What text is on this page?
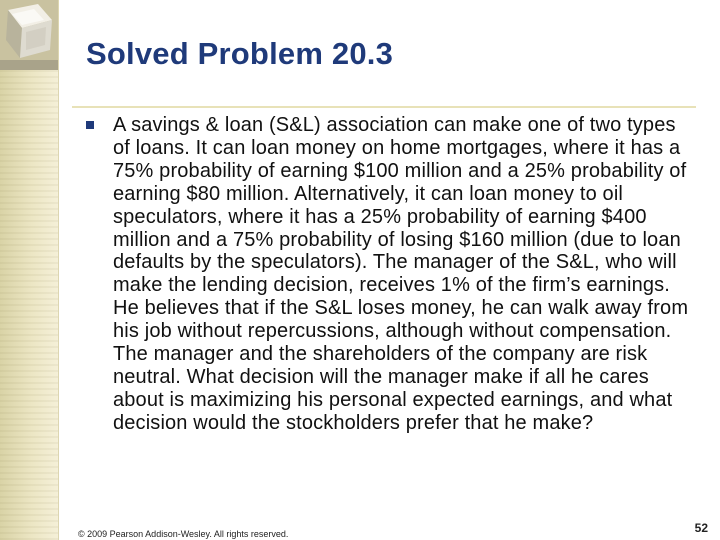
Solved Problem 20.3

A savings & loan (S&L) association can make one of two types of loans. It can loan money on home mortgages, where it has a 75% probability of earning $100 million and a 25% probability of earning $80 million. Alternatively, it can loan money to oil speculators, where it has a 25% probability of earning $400 million and a 75% probability of losing $160 million (due to loan defaults by the speculators). The manager of the S&L, who will make the lending decision, receives 1% of the firm’s earnings. He believes that if the S&L loses money, he can walk away from his job without repercussions, although without compensation. The manager and the shareholders of the company are risk neutral. What decision will the manager make if all he cares about is maximizing his personal expected earnings, and what decision would the stockholders prefer that he make?

© 2009 Pearson Addison-Wesley. All rights reserved.	52
